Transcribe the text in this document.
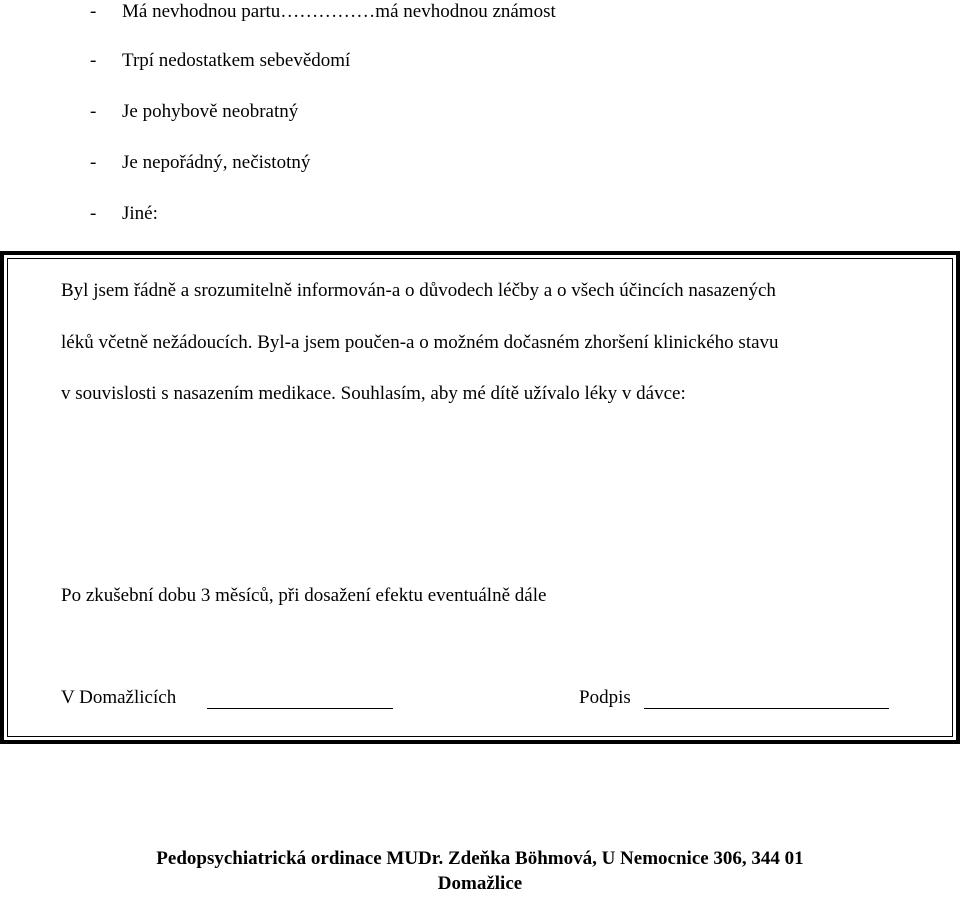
- Má nevhodnou partu……………má nevhodnou známost
- Trpí nedostatkem sebevědomí
- Je pohybově neobratný
- Je nepořádný, nečistotný
- Jiné:
Byl jsem řádně a srozumitelně informován-a o důvodech léčby a o všech účincích nasazených
léků včetně nežádoucích. Byl-a jsem poučen-a o možném dočasném zhoršení klinického stavu
v souvislosti s nasazením medikace. Souhlasím, aby mé dítě užívalo léky v dávce:
Po zkušební dobu 3 měsíců, při dosažení efektu eventuálně dále
V Domažlicích	Podpis
Pedopsychiatrická ordinace MUDr. Zdeňka Böhmová, U Nemocnice 306, 344 01
Domažlice
